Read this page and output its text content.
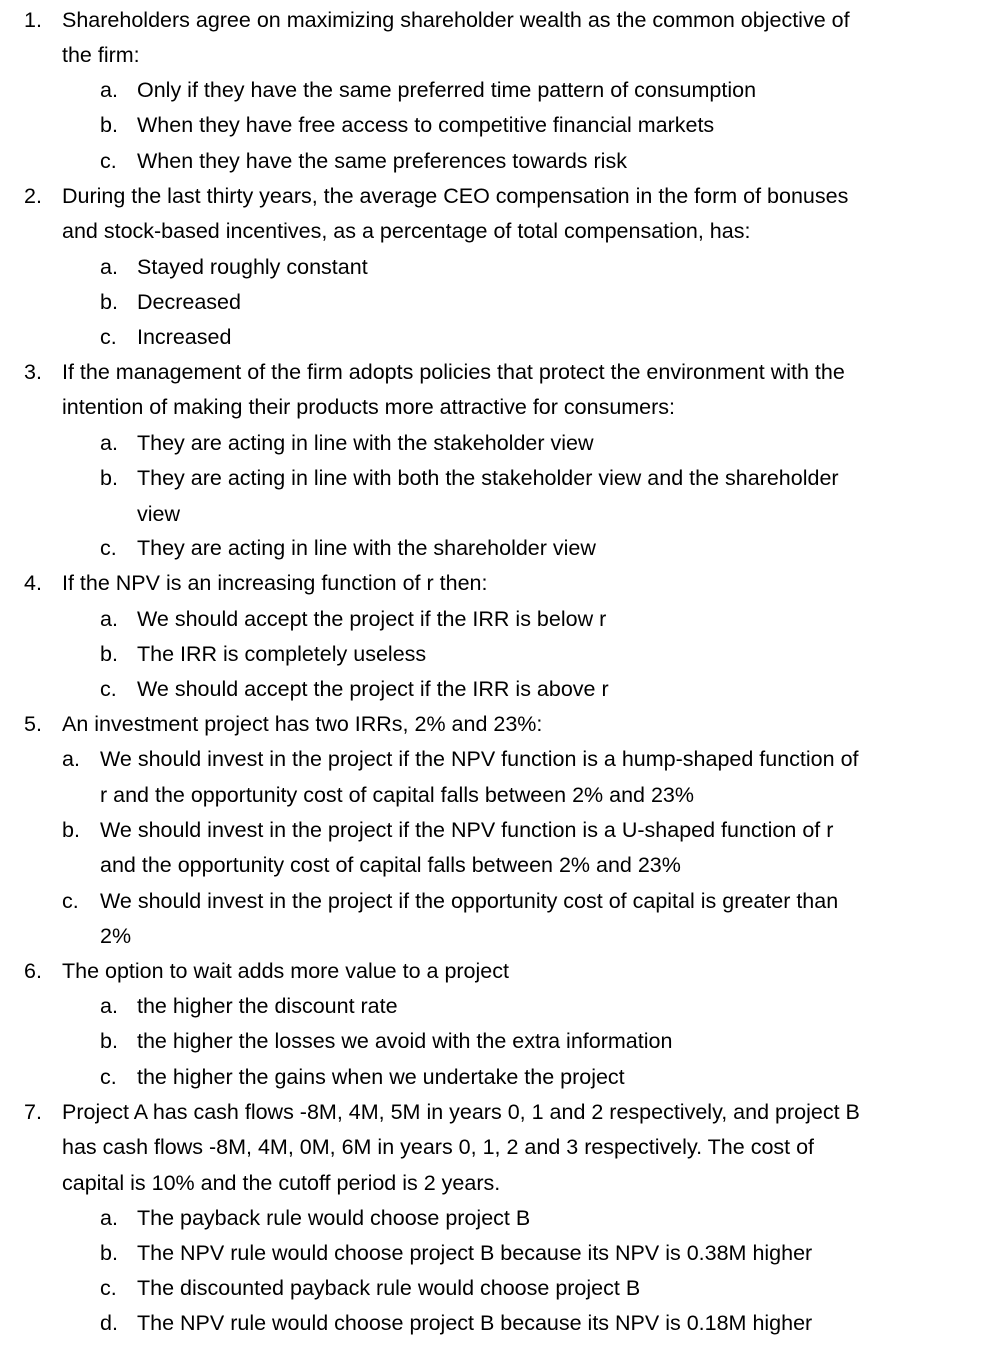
1. Shareholders agree on maximizing shareholder wealth as the common objective of
the firm:
a. Only if they have the same preferred time pattern of consumption
b. When they have free access to competitive financial markets
c. When they have the same preferences towards risk
2. During the last thirty years, the average CEO compensation in the form of bonuses
and stock-based incentives, as a percentage of total compensation, has:
a. Stayed roughly constant
b. Decreased
c. Increased
3. If the management of the firm adopts policies that protect the environment with the
intention of making their products more attractive for consumers:
a. They are acting in line with the stakeholder view
b. They are acting in line with both the stakeholder view and the shareholder
view
c. They are acting in line with the shareholder view
4. If the NPV is an increasing function of r then:
a. We should accept the project if the IRR is below r
b. The IRR is completely useless
c. We should accept the project if the IRR is above r
5. An investment project has two IRRs, 2% and 23%:
a. We should invest in the project if the NPV function is a hump-shaped function of
r and the opportunity cost of capital falls between 2% and 23%
b. We should invest in the project if the NPV function is a U-shaped function of r
and the opportunity cost of capital falls between 2% and 23%
c. We should invest in the project if the opportunity cost of capital is greater than
2%
6. The option to wait adds more value to a project
a. the higher the discount rate
b. the higher the losses we avoid with the extra information
c. the higher the gains when we undertake the project
7. Project A has cash flows -8M, 4M, 5M in years 0, 1 and 2 respectively, and project B
has cash flows -8M, 4M, 0M, 6M in years 0, 1, 2 and 3 respectively. The cost of
capital is 10% and the cutoff period is 2 years.
a. The payback rule would choose project B
b. The NPV rule would choose project B because its NPV is 0.38M higher
c. The discounted payback rule would choose project B
d. The NPV rule would choose project B because its NPV is 0.18M higher
